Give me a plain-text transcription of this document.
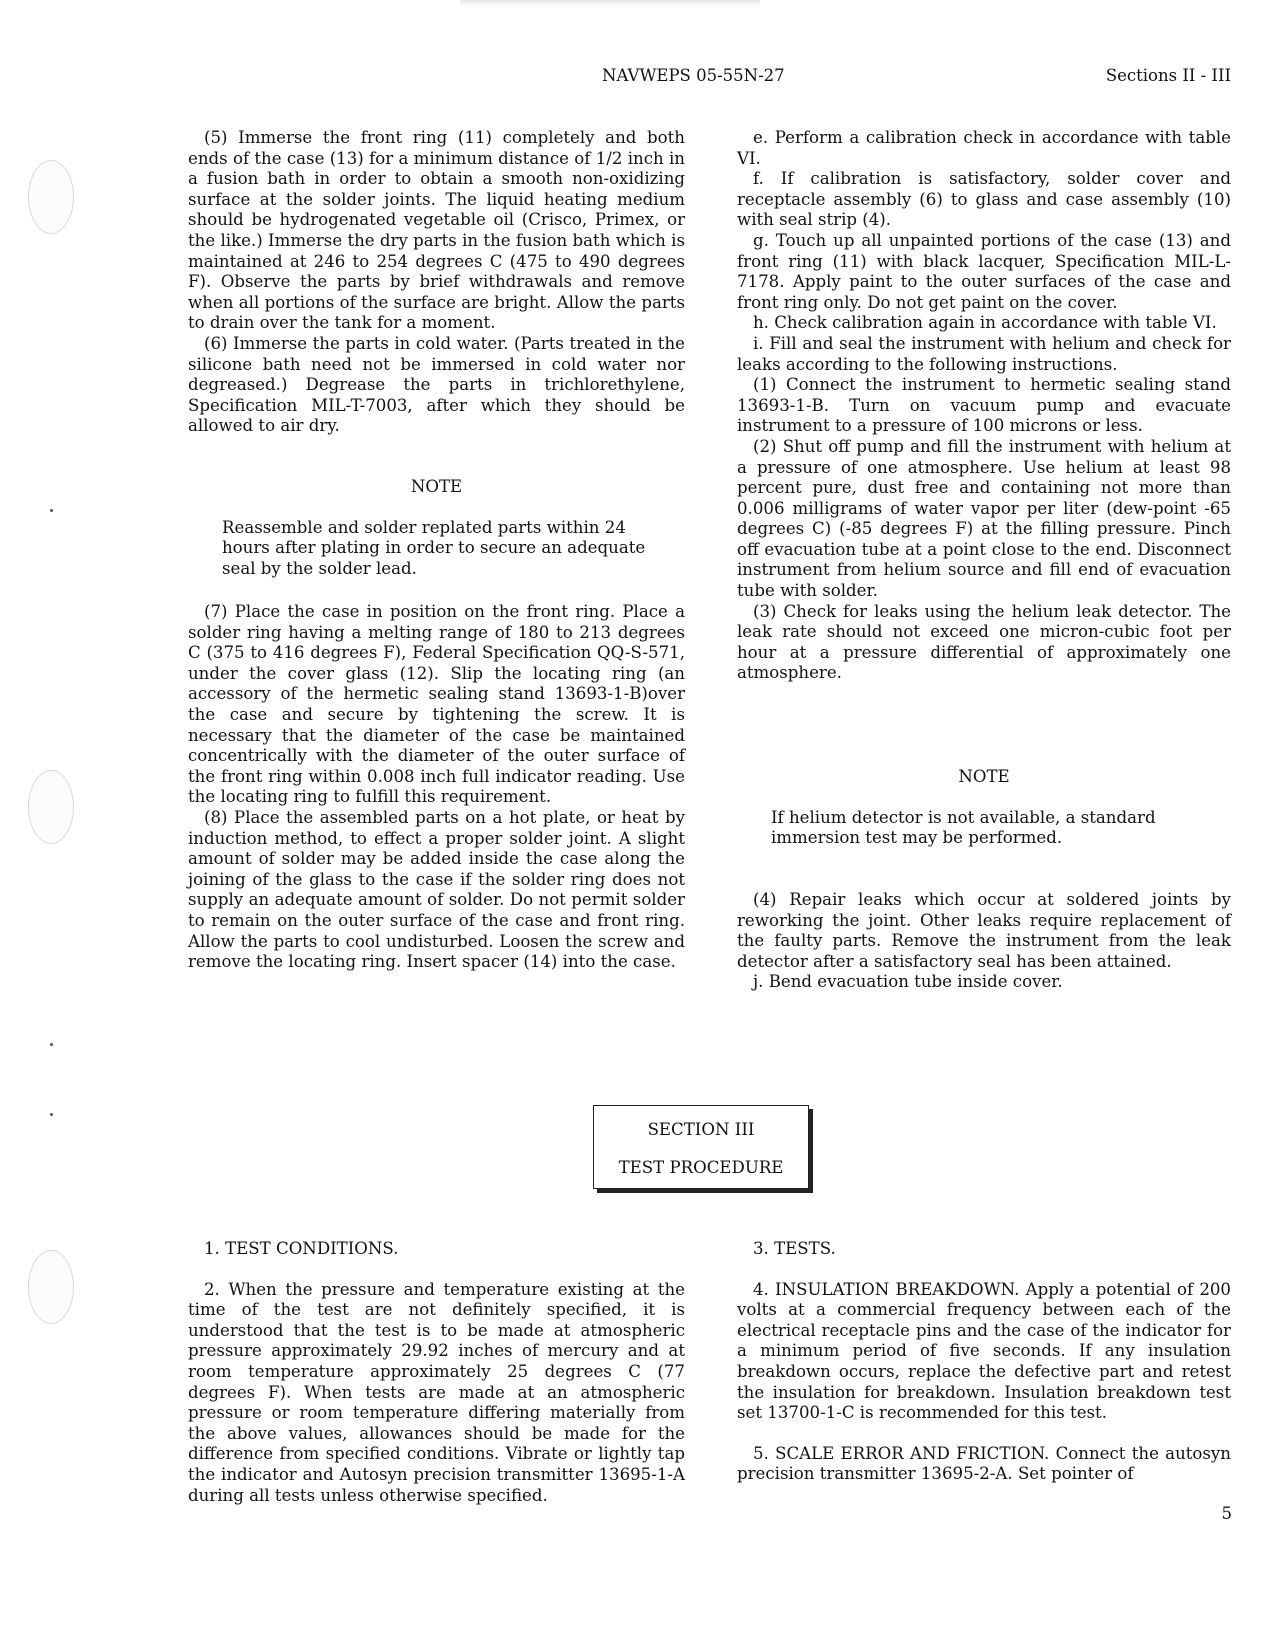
NAVWEPS 05-55N-27	Sections II - III

(5) Immerse the front ring (11) completely and both ends of the case (13) for a minimum distance of 1/2 inch in a fusion bath in order to obtain a smooth non-oxidizing surface at the solder joints. The liquid heating medium should be hydrogenated vegetable oil (Crisco, Primex, or the like.) Immerse the dry parts in the fusion bath which is maintained at 246 to 254 degrees C (475 to 490 degrees F). Observe the parts by brief withdrawals and remove when all portions of the surface are bright. Allow the parts to drain over the tank for a moment.

(6) Immerse the parts in cold water. (Parts treated in the silicone bath need not be immersed in cold water nor degreased.) Degrease the parts in trichlorethylene, Specification MIL-T-7003, after which they should be allowed to air dry.

NOTE

Reassemble and solder replated parts within 24 hours after plating in order to secure an adequate seal by the solder lead.

(7) Place the case in position on the front ring. Place a solder ring having a melting range of 180 to 213 degrees C (375 to 416 degrees F), Federal Specification QQ-S-571, under the cover glass (12). Slip the locating ring (an accessory of the hermetic sealing stand 13693-1-B)over the case and secure by tightening the screw. It is necessary that the diameter of the case be maintained concentrically with the diameter of the outer surface of the front ring within 0.008 inch full indicator reading. Use the locating ring to fulfill this requirement.

(8) Place the assembled parts on a hot plate, or heat by induction method, to effect a proper solder joint. A slight amount of solder may be added inside the case along the joining of the glass to the case if the solder ring does not supply an adequate amount of solder. Do not permit solder to remain on the outer surface of the case and front ring. Allow the parts to cool undisturbed. Loosen the screw and remove the locating ring. Insert spacer (14) into the case.

e. Perform a calibration check in accordance with table VI.

f. If calibration is satisfactory, solder cover and receptacle assembly (6) to glass and case assembly (10) with seal strip (4).

g. Touch up all unpainted portions of the case (13) and front ring (11) with black lacquer, Specification MIL-L-7178. Apply paint to the outer surfaces of the case and front ring only. Do not get paint on the cover.

h. Check calibration again in accordance with table VI.

i. Fill and seal the instrument with helium and check for leaks according to the following instructions.

(1) Connect the instrument to hermetic sealing stand 13693-1-B. Turn on vacuum pump and evacuate instrument to a pressure of 100 microns or less.

(2) Shut off pump and fill the instrument with helium at a pressure of one atmosphere. Use helium at least 98 percent pure, dust free and containing not more than 0.006 milligrams of water vapor per liter (dew-point -65 degrees C) (-85 degrees F) at the filling pressure. Pinch off evacuation tube at a point close to the end. Disconnect instrument from helium source and fill end of evacuation tube with solder.

(3) Check for leaks using the helium leak detector. The leak rate should not exceed one micron-cubic foot per hour at a pressure differential of approximately one atmosphere.

NOTE

If helium detector is not available, a standard immersion test may be performed.

(4) Repair leaks which occur at soldered joints by reworking the joint. Other leaks require replacement of the faulty parts. Remove the instrument from the leak detector after a satisfactory seal has been attained.

j. Bend evacuation tube inside cover.

SECTION III
TEST PROCEDURE

1. TEST CONDITIONS.

2. When the pressure and temperature existing at the time of the test are not definitely specified, it is understood that the test is to be made at atmospheric pressure approximately 29.92 inches of mercury and at room temperature approximately 25 degrees C (77 degrees F). When tests are made at an atmospheric pressure or room temperature differing materially from the above values, allowances should be made for the difference from specified conditions. Vibrate or lightly tap the indicator and Autosyn precision transmitter 13695-1-A during all tests unless otherwise specified.

3. TESTS.

4. INSULATION BREAKDOWN. Apply a potential of 200 volts at a commercial frequency between each of the electrical receptacle pins and the case of the indicator for a minimum period of five seconds. If any insulation breakdown occurs, replace the defective part and retest the insulation for breakdown. Insulation breakdown test set 13700-1-C is recommended for this test.

5. SCALE ERROR AND FRICTION. Connect the autosyn precision transmitter 13695-2-A. Set pointer of

5
